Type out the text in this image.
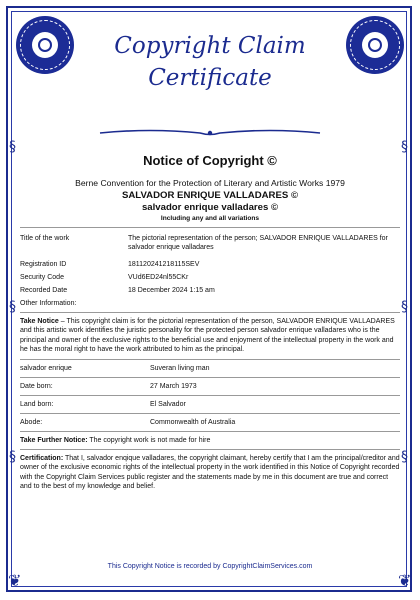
§
§
§
§
§
§
❦	❦
Copyright Claim
Certificate
Notice of Copyright ©
Berne Convention for the Protection of Literary and Artistic Works 1979
SALVADOR ENRIQUE VALLADARES ©
salvador enrique valladares ©
Including any and all variations
Title of the work	The pictorial representation of the person; SALVADOR ENRIQUE VALLADARES for salvador enrique valladares
Registration ID	181120241218115SEV
Security Code	VUd6ED24nl55CKr
Recorded Date	18 December 2024 1:15 am
Other Information:

Take Notice – This copyright claim is for the pictorial representation of the person, SALVADOR ENRIQUE VALLADARES and this artistic work identifies the juristic personality for the protected person salvador enrique valladares who is the principal and owner of the exclusive rights to the beneficial use and enjoyment of the intellectual property in the work and he has the moral right to have the work attributed to him as the principal.

salvador enrique	Suveran living man
Date born:	27 March 1973
Land born:	El Salvador
Abode:	Commonwealth of Australia

Take Further Notice: The copyright work is not made for hire

Certification: That I, salvador enqique valladares, the copyright claimant, hereby certify that I am the principal/creditor and owner of the exclusive economic rights of the intellectual property in the work identified in this Notice of Copyright recorded with the Copyright Claim Services public register and the statements made by me in this document are true and correct and to the best of my knowledge and belief.

This Copyright Notice is recorded by CopyrightClaimServices.com
